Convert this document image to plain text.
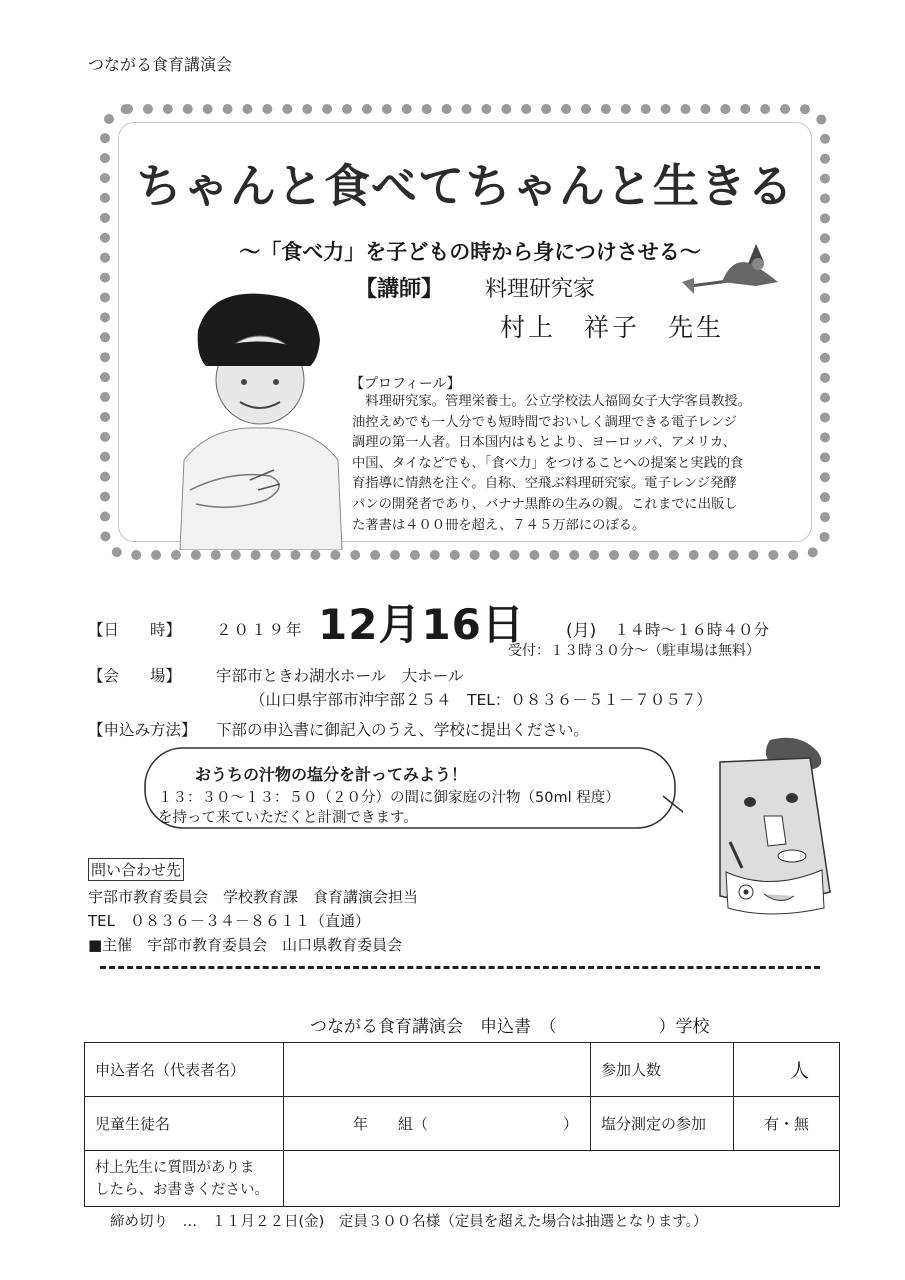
つながる食育講演会
ちゃんと食べてちゃんと生きる
～「食べ力」を子どもの時から身につけさせる～
【講師】 料理研究家
村上　祥子　先生
【プロフィール】
　料理研究家。管理栄養士。公立学校法人福岡女子大学客員教授。
油控えめでも一人分でも短時間でおいしく調理できる電子レンジ
調理の第一人者。日本国内はもとより、ヨーロッパ、アメリカ、
中国、タイなどでも、「食べ力」をつけることへの提案と実践的食
育指導に情熱を注ぐ。自称、空飛ぶ料理研究家。電子レンジ発酵
パンの開発者であり、バナナ黒酢の生みの親。これまでに出版し
た著書は４００冊を超え、７４５万部にのぼる。
【日　　時】 ２０１９年 12月16日 (月) １４時～１６時４０分
受付：１３時３０分～（駐車場は無料）
【会　　場】 宇部市ときわ湖水ホール　大ホール
（山口県宇部市沖宇部２５４　TEL：０８３６－５１－７０５７）
【申込み方法】 下部の申込書に御記入のうえ、学校に提出ください。
おうちの汁物の塩分を計ってみよう！
１３：３０～１３：５０（２０分）の間に御家庭の汁物（50ml 程度）
を持って来ていただくと計測できます。
問い合わせ先
宇部市教育委員会　学校教育課　食育講演会担当
TEL　０８３６－３４－８６１１（直通）
■主催　宇部市教育委員会　山口県教育委員会
つながる食育講演会　申込書　（　　　　　　）学校
申込者名（代表者名）		参加人数	人
児童生徒名	年　　組（　　　　　　　　　）	塩分測定の参加	有・無

村上先生に質問がありま
したら、お書きください。			

締め切り　…　１１月２２日(金)　定員３００名様（定員を超えた場合は抽選となります。）
